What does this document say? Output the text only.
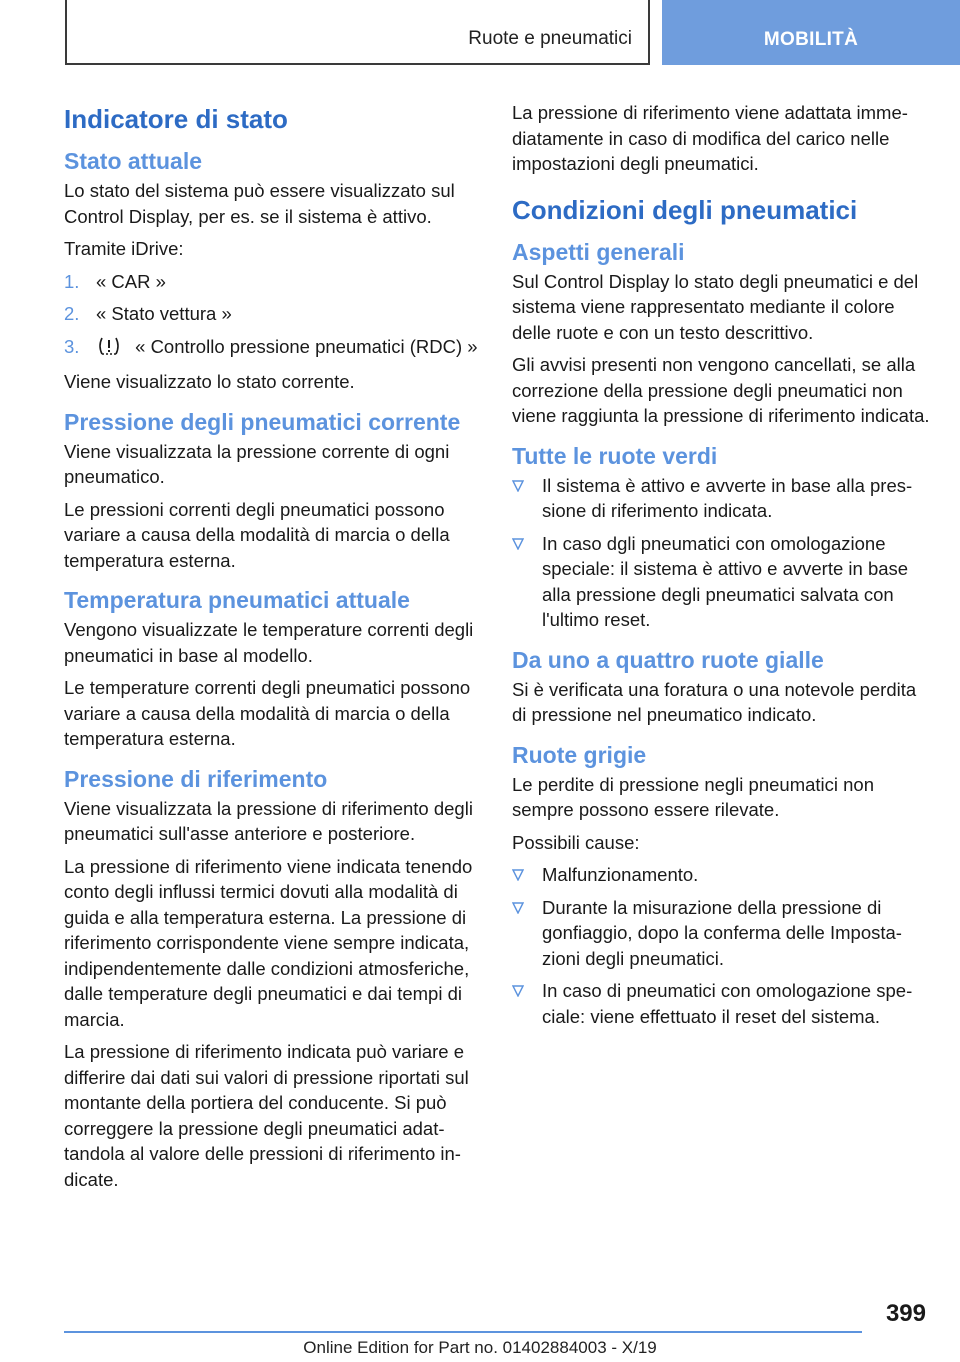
Ruote e pneumatici	MOBILITÀ
Indicatore di stato
Stato attuale

Lo stato del sistema può essere visualizzato sul Control Display, per es. se il sistema è attivo.

Tramite iDrive:

1. « CAR »
2. « Stato vettura »
3.	« Controllo pressione pneumatici (RDC) »

Viene visualizzato lo stato corrente.

Pressione degli pneumatici corrente

Viene visualizzata la pressione corrente di ogni pneumatico.

Le pressioni correnti degli pneumatici possono variare a causa della modalità di marcia o della temperatura esterna.

Temperatura pneumatici attuale

Vengono visualizzate le temperature correnti degli pneumatici in base al modello.

Le temperature correnti degli pneumatici possono variare a causa della modalità di marcia o della temperatura esterna.

Pressione di riferimento

Viene visualizzata la pressione di riferimento degli pneumatici sull'asse anteriore e posteriore.

La pressione di riferimento viene indicata tenendo conto degli influssi termici dovuti alla modalità di guida e alla temperatura esterna. La pressione di riferimento corrispondente viene sempre indicata, indipendentemente dalle condizioni atmosferiche, dalle temperature degli pneumatici e dai tempi di marcia.

La pressione di riferimento indicata può variare e differire dai dati sui valori di pressione riportati sul montante della portiera del conducente. Si può correggere la pressione degli pneumatici adattandola al valore delle pressioni di riferimento indicate.

La pressione di riferimento viene adattata immediatamente in caso di modifica del carico nelle impostazioni degli pneumatici.

Condizioni degli pneumatici
Aspetti generali

Sul Control Display lo stato degli pneumatici e del sistema viene rappresentato mediante il colore delle ruote e con un testo descrittivo.

Gli avvisi presenti non vengono cancellati, se alla correzione della pressione degli pneumatici non viene raggiunta la pressione di riferimento indicata.

Tutte le ruote verdi
Il sistema è attivo e avverte in base alla pressione di riferimento indicata.
In caso dgli pneumatici con omologazione speciale: il sistema è attivo e avverte in base alla pressione degli pneumatici salvata con l'ultimo reset.
Da uno a quattro ruote gialle

Si è verificata una foratura o una notevole perdita di pressione nel pneumatico indicato.

Ruote grigie

Le perdite di pressione negli pneumatici non sempre possono essere rilevate.

Possibili cause:

Malfunzionamento.
Durante la misurazione della pressione di gonfiaggio, dopo la conferma delle Impostazioni degli pneumatici.
In caso di pneumatici con omologazione speciale: viene effettuato il reset del sistema.
399
Online Edition for Part no. 01402884003 - X/19
